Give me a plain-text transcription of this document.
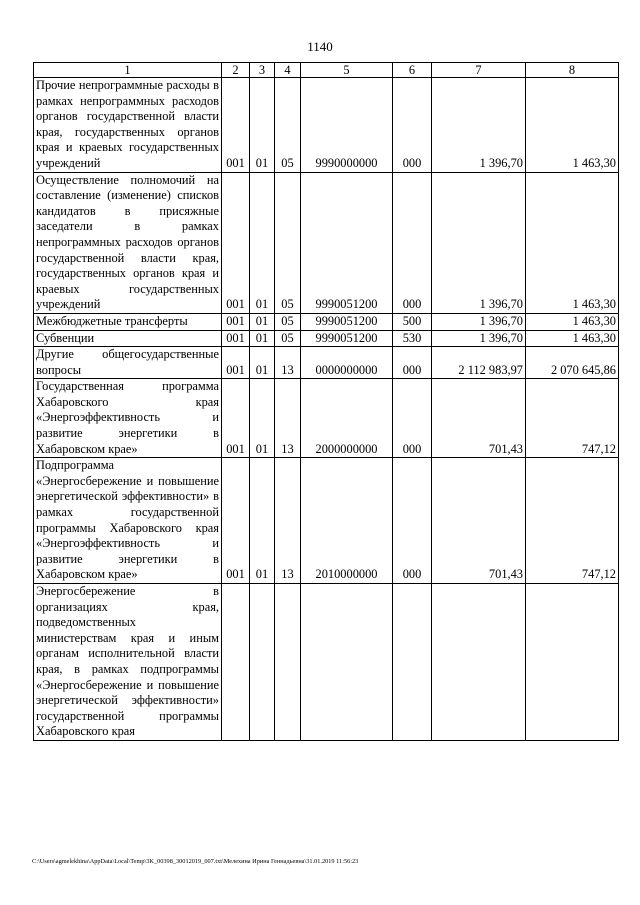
1140
1	2	3	4	5	6	7	8
Прочие непрограммные расходы в рамках непрограммных расходов органов государственной власти края, государственных органов края и краевых государственных учреждений	001	01	05	9990000000	000	1 396,70	1 463,30
Осуществление полномочий на составление (изменение) списков кандидатов в присяжные заседатели в рамках непрограммных расходов органов государственной власти края, государственных органов края и краевых государственных учреждений	001	01	05	9990051200	000	1 396,70	1 463,30
Межбюджетные трансферты	001	01	05	9990051200	500	1 396,70	1 463,30
Субвенции	001	01	05	9990051200	530	1 396,70	1 463,30
Другие общегосударственные вопросы	001	01	13	0000000000	000	2 112 983,97	2 070 645,86
Государственная программа Хабаровского края «Энергоэффективность и развитие энергетики в Хабаровском крае»	001	01	13	2000000000	000	701,43	747,12
Подпрограмма «Энергосбережение и повышение энергетической эффективности» в рамках государственной программы Хабаровского края «Энергоэффективность и развитие энергетики в Хабаровском крае»	001	01	13	2010000000	000	701,43	747,12
Энергосбережение в организациях края, подведомственных министерствам края и иным органам исполнительной власти края, в рамках подпрограммы «Энергосбережение и повышение энергетической эффективности» государственной программы Хабаровского края							
C:\Users\agmelekhina\AppData\Local\Temp\3K_00398_30012019_007.txt\Мелехина Ирина Геннадьевна\31.01.2019 11:56:23
